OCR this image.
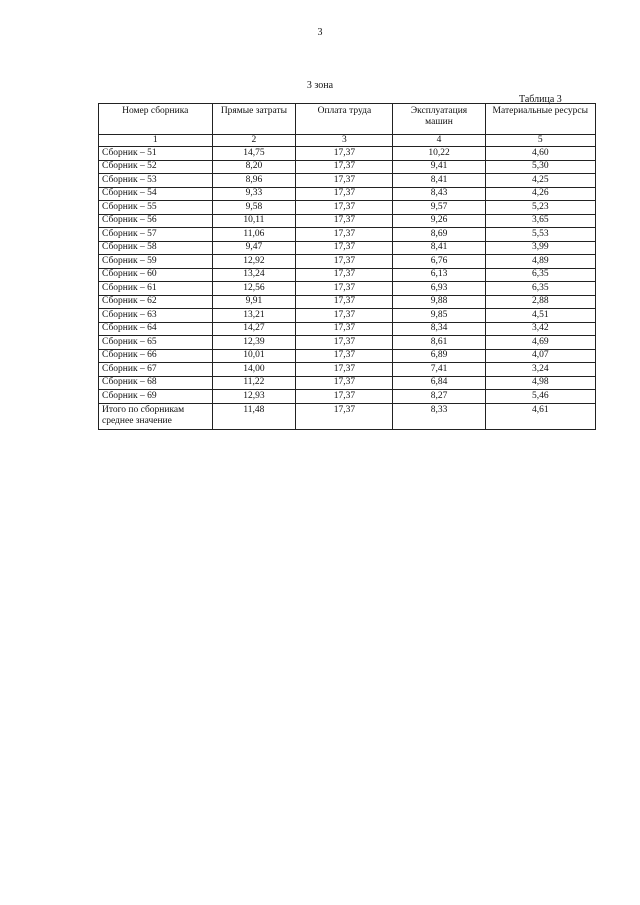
3
3 зона
Таблица 3
Номер сборника	Прямые затраты	Оплата труда	Эксплуатация машин	Материальные ресурсы
1	2	3	4	5
Сборник – 51	14,75	17,37	10,22	4,60
Сборник – 52	8,20	17,37	9,41	5,30
Сборник – 53	8,96	17,37	8,41	4,25
Сборник – 54	9,33	17,37	8,43	4,26
Сборник – 55	9,58	17,37	9,57	5,23
Сборник – 56	10,11	17,37	9,26	3,65
Сборник – 57	11,06	17,37	8,69	5,53
Сборник – 58	9,47	17,37	8,41	3,99
Сборник – 59	12,92	17,37	6,76	4,89
Сборник – 60	13,24	17,37	6,13	6,35
Сборник – 61	12,56	17,37	6,93	6,35
Сборник – 62	9,91	17,37	9,88	2,88
Сборник – 63	13,21	17,37	9,85	4,51
Сборник – 64	14,27	17,37	8,34	3,42
Сборник – 65	12,39	17,37	8,61	4,69
Сборник – 66	10,01	17,37	6,89	4,07
Сборник – 67	14,00	17,37	7,41	3,24
Сборник – 68	11,22	17,37	6,84	4,98
Сборник – 69	12,93	17,37	8,27	5,46

Итого по сборникам
среднее значение	11,48	17,37	8,33	4,61
